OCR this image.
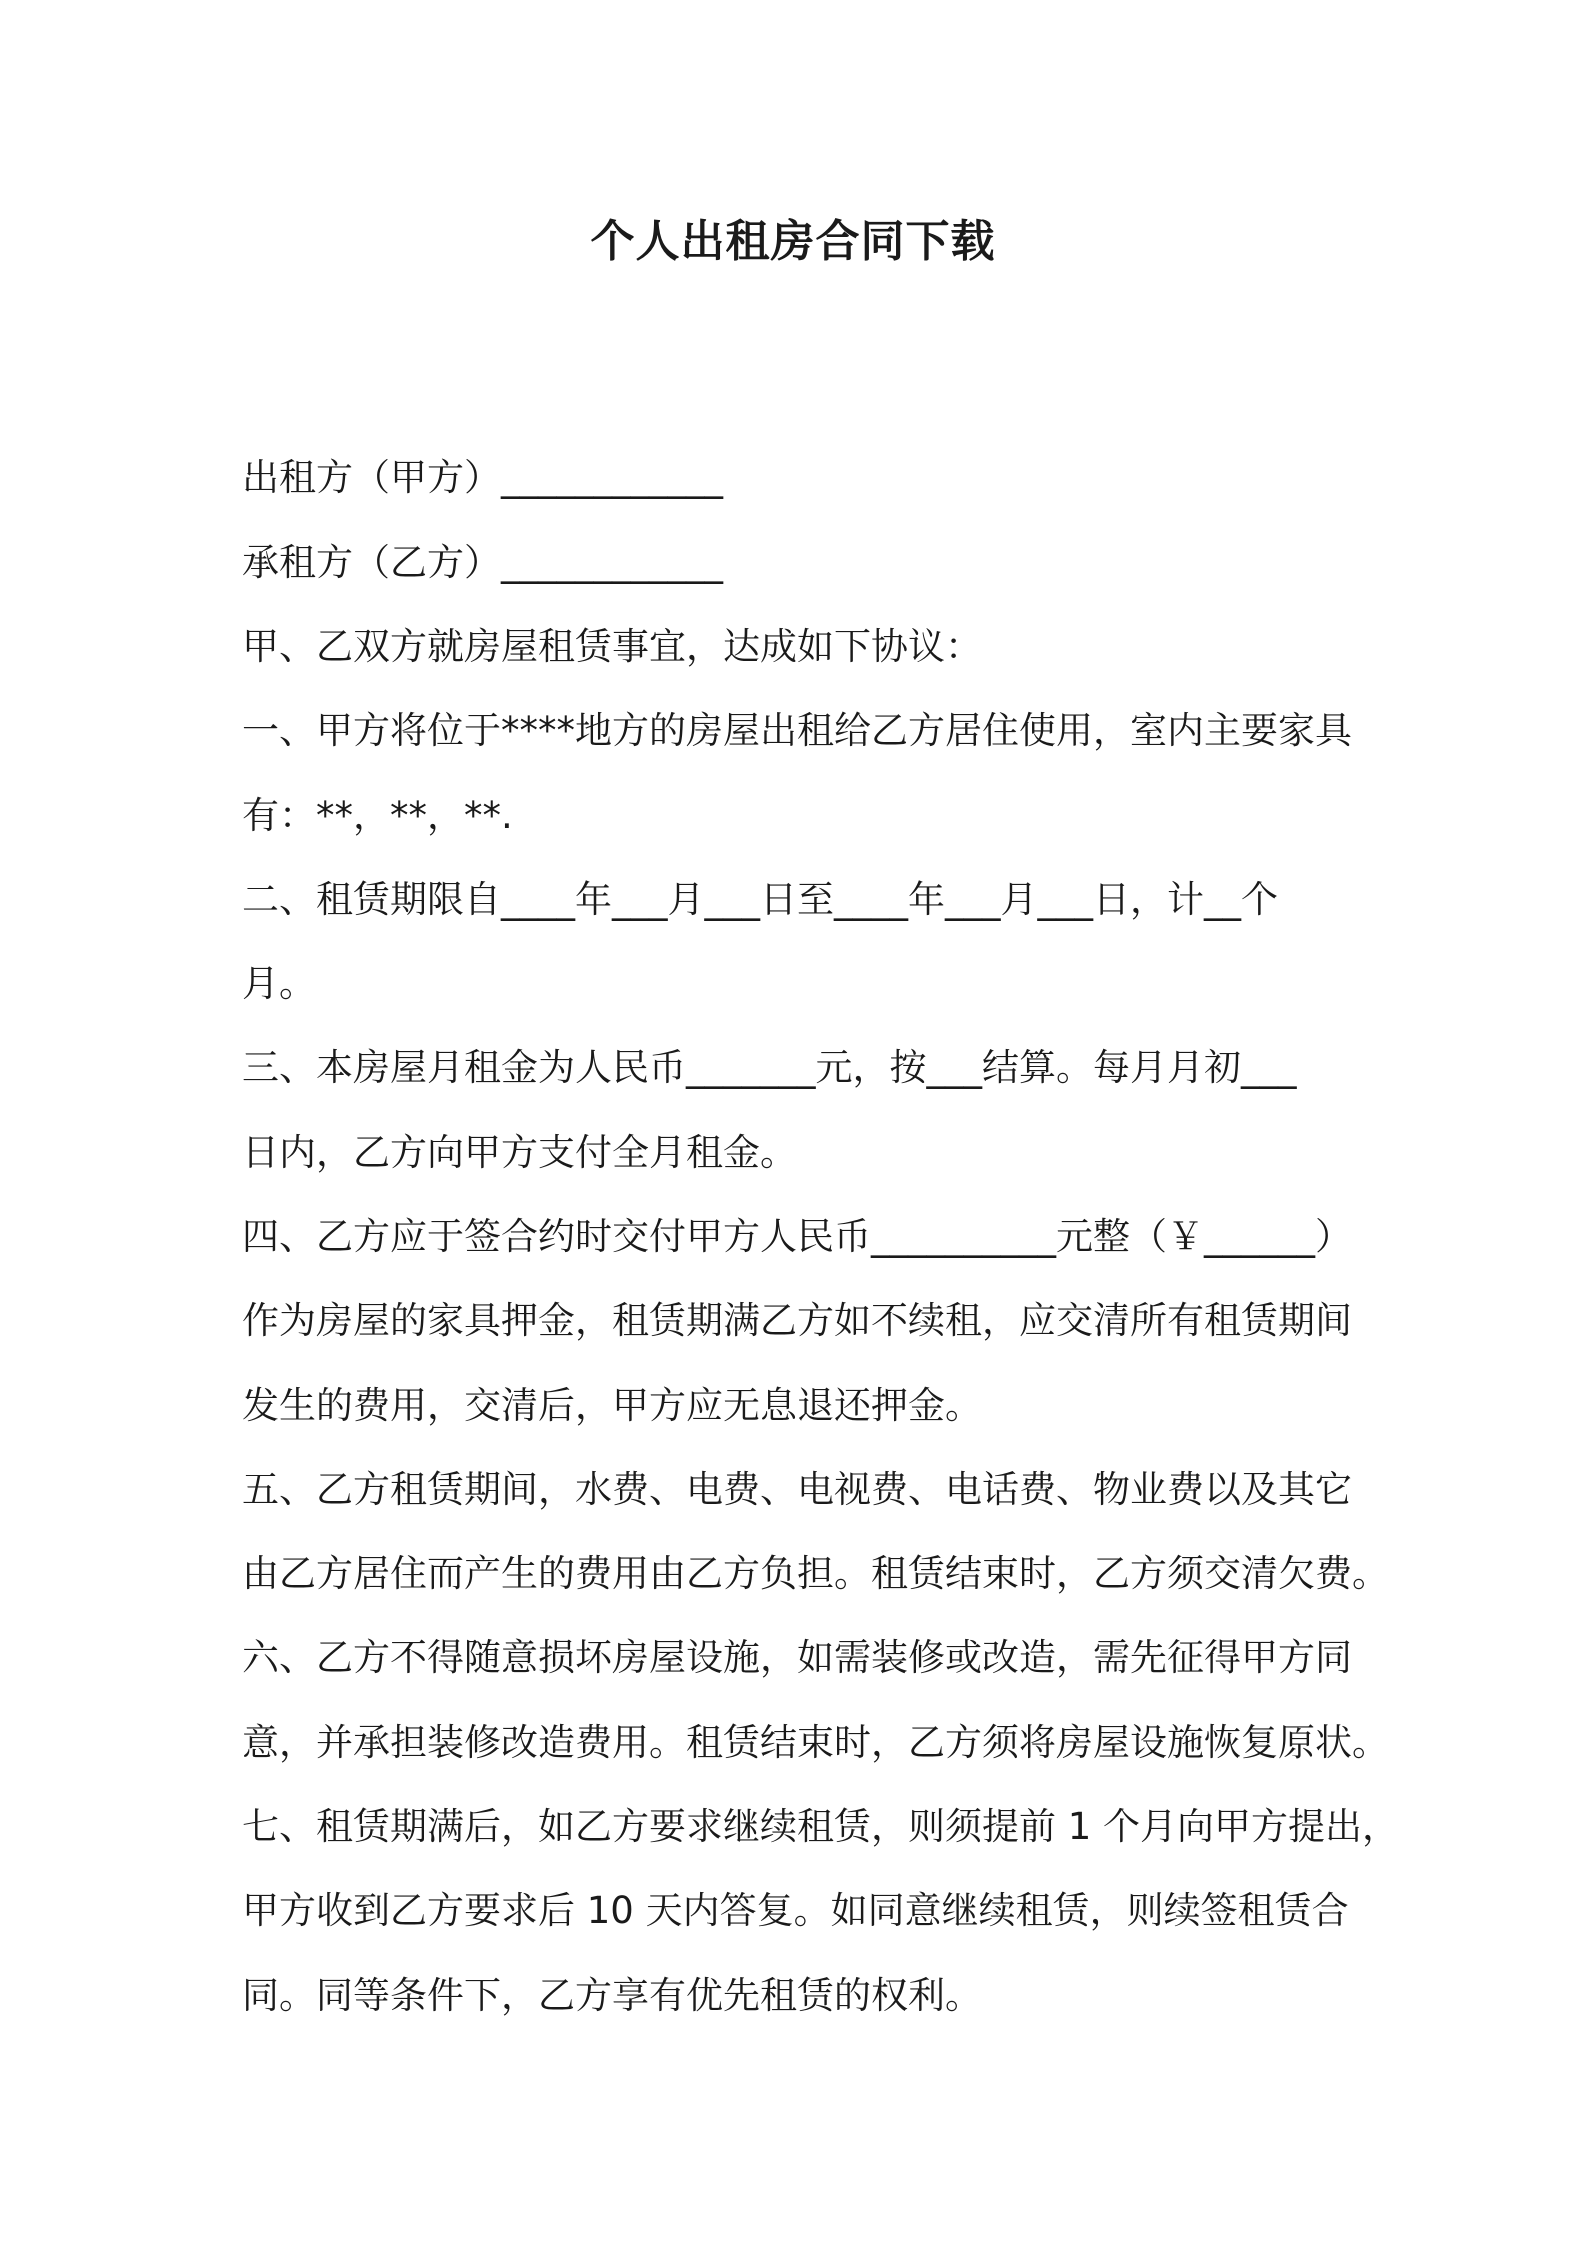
个人出租房合同下载

出租方（甲方）____________

承租方（乙方）____________

甲、乙双方就房屋租赁事宜，达成如下协议：

一、甲方将位于****地方的房屋出租给乙方居住使用，室内主要家具

有：**，**，**.

二、租赁期限自____年___月___日至____年___月___日，计__个

月。

三、本房屋月租金为人民币_______元，按___结算。每月月初___

日内，乙方向甲方支付全月租金。

四、乙方应于签合约时交付甲方人民币__________元整（￥______）

作为房屋的家具押金，租赁期满乙方如不续租，应交清所有租赁期间

发生的费用，交清后，甲方应无息退还押金。

五、乙方租赁期间，水费、电费、电视费、电话费、物业费以及其它

由乙方居住而产生的费用由乙方负担。租赁结束时，乙方须交清欠费。

六、乙方不得随意损坏房屋设施，如需装修或改造，需先征得甲方同

意，并承担装修改造费用。租赁结束时，乙方须将房屋设施恢复原状。

七、租赁期满后，如乙方要求继续租赁，则须提前 1 个月向甲方提出，

甲方收到乙方要求后 10 天内答复。如同意继续租赁，则续签租赁合

同。同等条件下，乙方享有优先租赁的权利。
